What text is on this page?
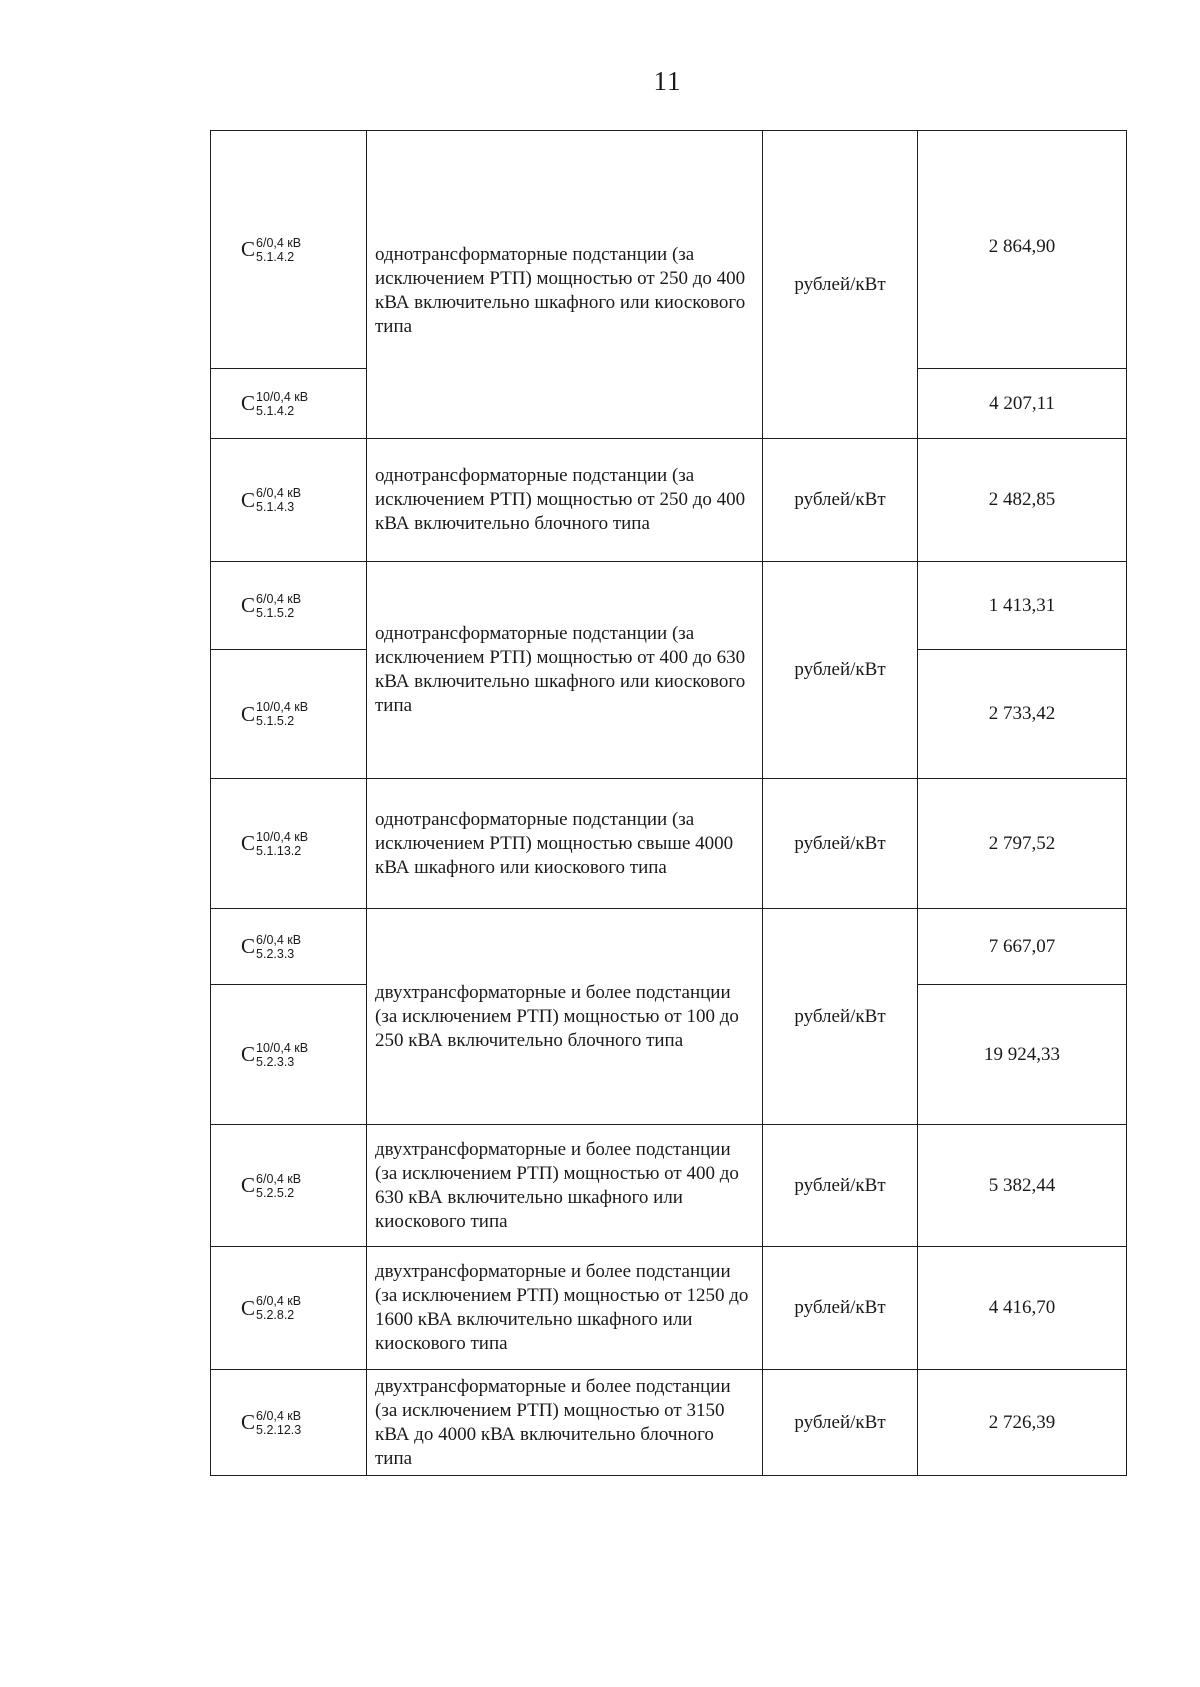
11
C 6/0,4 кВ
5.1.4.2	однотрансформаторные подстанции (за исключением РТП) мощностью от 250 до 400 кВА включительно шкафного или киоскового типа	рублей/кВт	2 864,90

C 10/0,4 кВ
5.1.4.2			4 207,11

C 6/0,4 кВ
5.1.4.3	однотрансформаторные подстанции (за исключением РТП) мощностью от 250 до 400 кВА включительно блочного типа	рублей/кВт	2 482,85

C 6/0,4 кВ
5.1.5.2	однотрансформаторные подстанции (за исключением РТП) мощностью от 400 до 630 кВА включительно шкафного или киоскового типа	рублей/кВт	1 413,31

C 10/0,4 кВ
5.1.5.2			2 733,42

C 10/0,4 кВ
5.1.13.2	однотрансформаторные подстанции (за исключением РТП) мощностью свыше 4000 кВА шкафного или киоскового типа	рублей/кВт	2 797,52

C 6/0,4 кВ
5.2.3.3	двухтрансформаторные и более подстанции (за исключением РТП) мощностью от 100 до 250 кВА включительно блочного типа	рублей/кВт	7 667,07

C 10/0,4 кВ
5.2.3.3			19 924,33

C 6/0,4 кВ
5.2.5.2	двухтрансформаторные и более подстанции (за исключением РТП) мощностью от 400 до 630 кВА включительно шкафного или киоскового типа	рублей/кВт	5 382,44

C 6/0,4 кВ
5.2.8.2	двухтрансформаторные и более подстанции (за исключением РТП) мощностью от 1250 до 1600 кВА включительно шкафного или киоскового типа	рублей/кВт	4 416,70

C 6/0,4 кВ
5.2.12.3	двухтрансформаторные и более подстанции (за исключением РТП) мощностью от 3150 кВА до 4000 кВА включительно блочного типа	рублей/кВт	2 726,39
